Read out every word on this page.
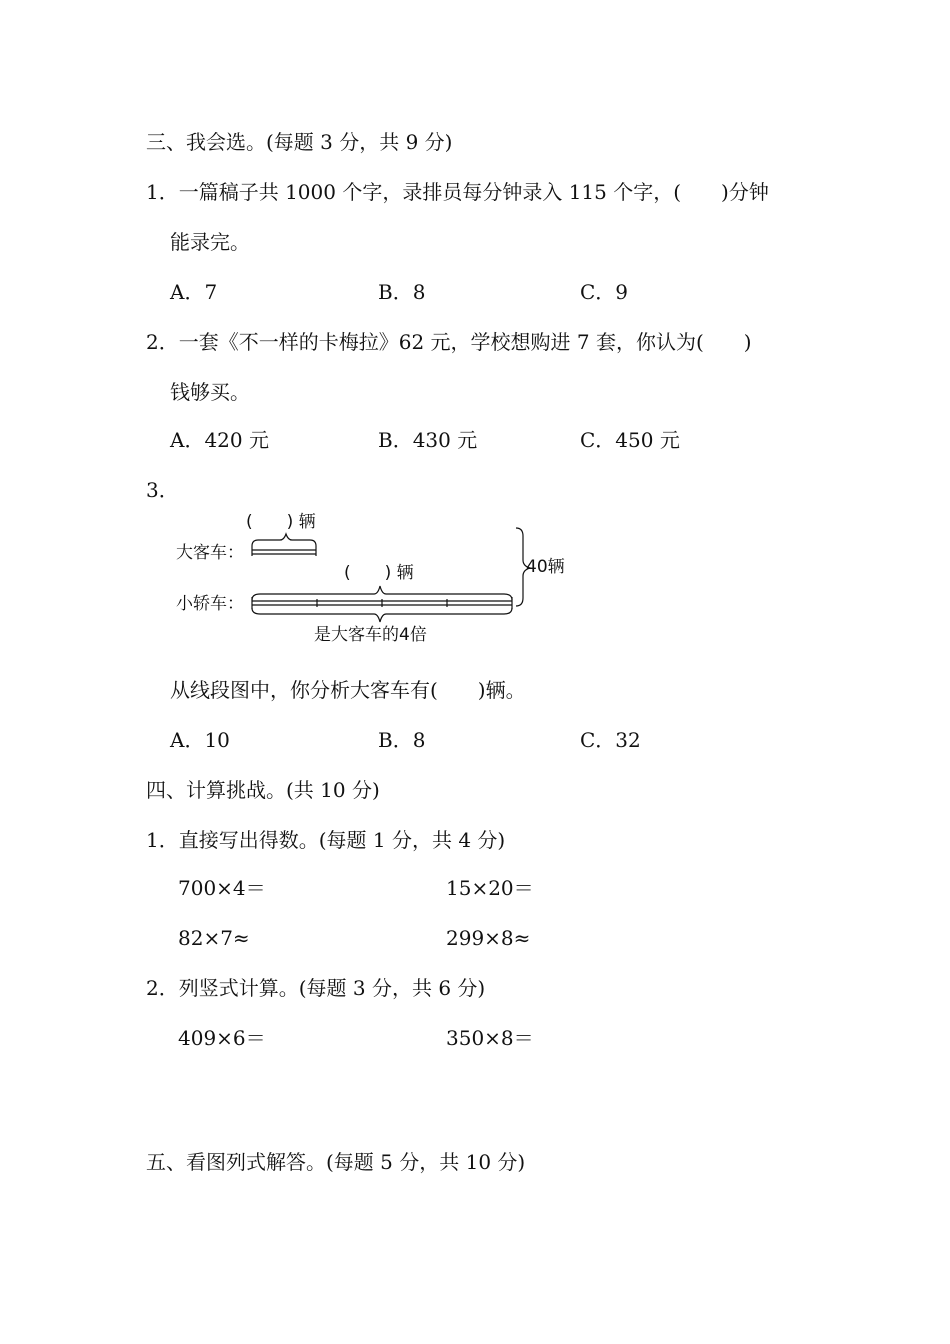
三、我会选。(每题 3 分，共 9 分)
1．一篇稿子共 1000 个字，录排员每分钟录入 115 个字，(　　)分钟
能录完。
A．7	B．8	C．9
2．一套《不一样的卡梅拉》62 元，学校想购进 7 套，你认为(　　)
钱够买。
A．420 元	B．430 元	C．450 元
3．
(　　) 辆
大客车：
(　　) 辆
小轿车：
40辆
是大客车的4倍
从线段图中，你分析大客车有(　　)辆。
A．10	B．8	C．32
四、计算挑战。(共 10 分)
1．直接写出得数。(每题 1 分，共 4 分)
700×4＝	15×20＝
82×7≈	299×8≈
2．列竖式计算。(每题 3 分，共 6 分)
409×6＝	350×8＝
五、看图列式解答。(每题 5 分，共 10 分)
